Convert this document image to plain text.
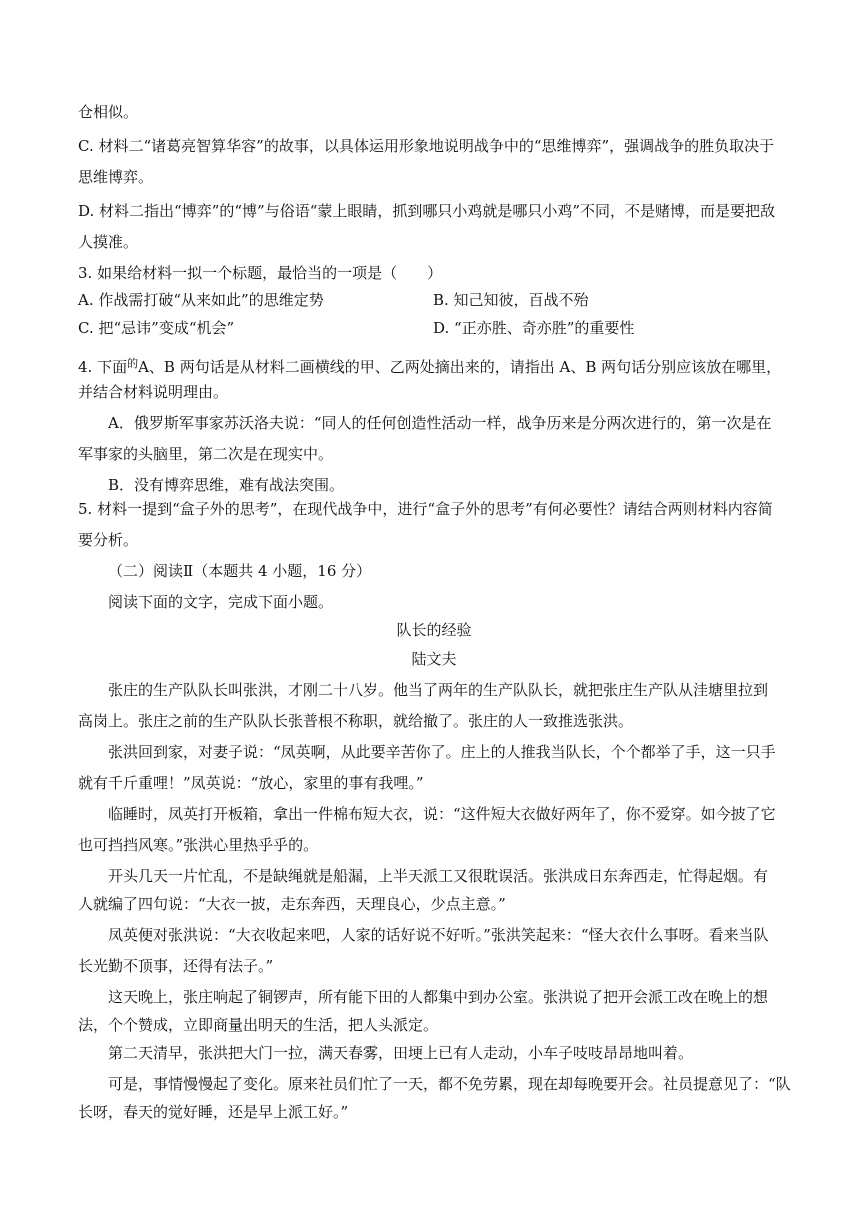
仓相似。
C. 材料二“诸葛亮智算华容”的故事，以具体运用形象地说明战争中的“思维博弈”，强调战争的胜负取决于
思维博弈。
D. 材料二指出“博弈”的“博”与俗语“蒙上眼睛，抓到哪只小鸡就是哪只小鸡”不同，不是赌博，而是要把敌
人摸准。
3. 如果给材料一拟一个标题，最恰当的一项是（　　）
A. 作战需打破“从来如此”的思维定势	B. 知己知彼，百战不殆
C. 把“忌讳”变成“机会”	D. “正亦胜、奇亦胜”的重要性
4. 下面$^的$A、B 两句话是从材料二画横线的甲、乙两处摘出来的，请指出 A、B 两句话分别应该放在哪里，
并结合材料说明理由。
A．俄罗斯军事家苏沃洛夫说：“同人的任何创造性活动一样，战争历来是分两次进行的，第一次是在
军事家的头脑里，第二次是在现实中。
B．没有博弈思维，难有战法突围。
5. 材料一提到“盒子外的思考”，在现代战争中，进行“盒子外的思考”有何必要性？请结合两则材料内容简
要分析。
（二）阅读Ⅱ（本题共 4 小题，16 分）
阅读下面的文字，完成下面小题。
队长的经验
陆文夫
张庄的生产队队长叫张洪，才刚二十八岁。他当了两年的生产队队长，就把张庄生产队从洼塘里拉到
高岗上。张庄之前的生产队队长张普根不称职，就给撤了。张庄的人一致推选张洪。
张洪回到家，对妻子说：“凤英啊，从此要辛苦你了。庄上的人推我当队长，个个都举了手，这一只手
就有千斤重哩！”凤英说：“放心，家里的事有我哩。”
临睡时，凤英打开板箱，拿出一件棉布短大衣，说：“这件短大衣做好两年了，你不爱穿。如今披了它
也可挡挡风寒。”张洪心里热乎乎的。
开头几天一片忙乱，不是缺绳就是船漏，上半天派工又很耽误活。张洪成日东奔西走，忙得起烟。有
人就编了四句说：“大衣一披，走东奔西，天理良心，少点主意。”
凤英便对张洪说：“大衣收起来吧，人家的话好说不好听。”张洪笑起来：“怪大衣什么事呀。看来当队
长光勤不顶事，还得有法子。”
这天晚上，张庄响起了铜锣声，所有能下田的人都集中到办公室。张洪说了把开会派工改在晚上的想
法，个个赞成，立即商量出明天的生活，把人头派定。
第二天清早，张洪把大门一拉，满天春雾，田埂上已有人走动，小车子吱吱昂昂地叫着。
可是，事情慢慢起了变化。原来社员们忙了一天，都不免劳累，现在却每晚要开会。社员提意见了：“队
长呀，春天的觉好睡，还是早上派工好。”
